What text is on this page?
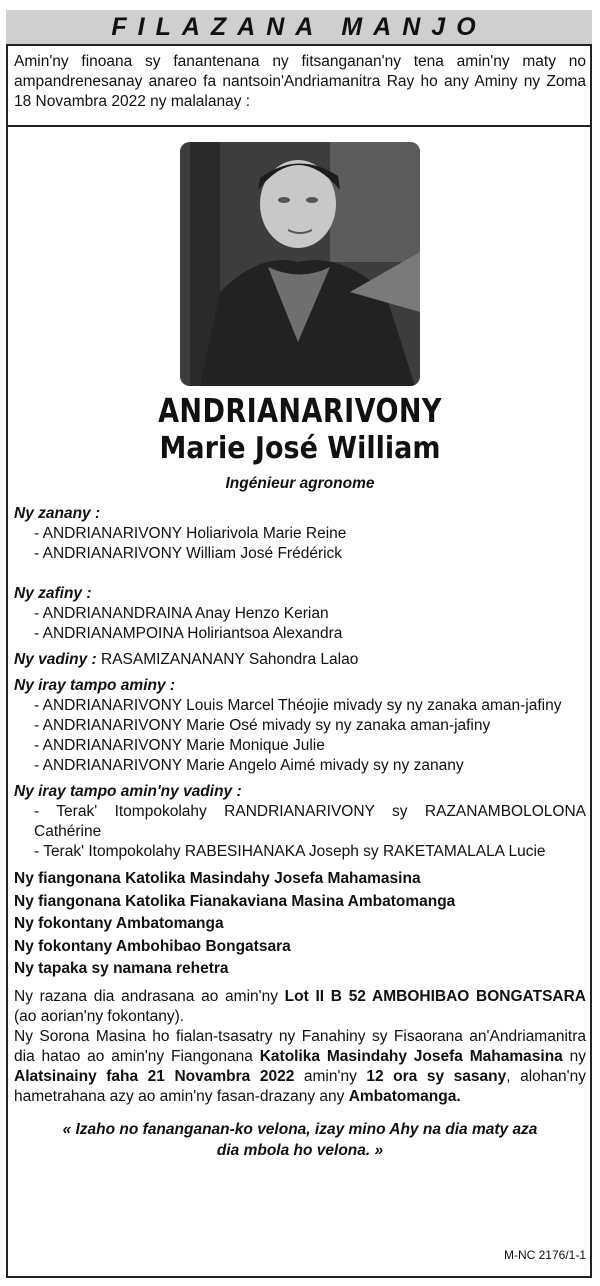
FILAZANA MANJO

Amin'ny finoana sy fanantenana ny fitsanganan'ny tena amin'ny maty no ampandrenesanay anareo fa nantsoin'Andriamanitra Ray ho any Aminy ny Zoma 18 Novambra 2022 ny malalanay :

ANDRIANARIVONY
Marie José William
Ingénieur agronome

Ny zanany :

- ANDRIANARIVONY Holiarivola Marie Reine

- ANDRIANARIVONY William José Frédérick

Ny zafiny :

- ANDRIANANDRAINA Anay Henzo Kerian

- ANDRIANAMPOINA Holiriantsoa Alexandra

Ny vadiny : RASAMIZANANANY Sahondra Lalao

Ny iray tampo aminy :

- ANDRIANARIVONY Louis Marcel Théojie mivady sy ny zanaka aman-jafiny

- ANDRIANARIVONY Marie Osé mivady sy ny zanaka aman-jafiny

- ANDRIANARIVONY Marie Monique Julie

- ANDRIANARIVONY Marie Angelo Aimé mivady sy ny zanany

Ny iray tampo amin'ny vadiny :

- Terak' Itompokolahy RANDRIANARIVONY sy RAZANAMBOLOLONA Cathérine

- Terak' Itompokolahy RABESIHANAKA Joseph sy RAKETAMALALA Lucie

Ny fiangonana Katolika Masindahy Josefa Mahamasina

Ny fiangonana Katolika Fianakaviana Masina Ambatomanga

Ny fokontany Ambatomanga

Ny fokontany Ambohibao Bongatsara

Ny tapaka sy namana rehetra

Ny razana dia andrasana ao amin'ny Lot II B 52 AMBOHIBAO BONGATSARA (ao aorian'ny fokontany).

Ny Sorona Masina ho fialan-tsasatry ny Fanahiny sy Fisaorana an'Andriamanitra dia hatao ao amin'ny Fiangonana Katolika Masindahy Josefa Mahamasina ny Alatsinainy faha 21 Novambra 2022 amin'ny 12 ora sy sasany, alohan'ny hametrahana azy ao amin'ny fasan-drazany any Ambatomanga.

« Izaho no fananganan-ko velona, izay mino Ahy na dia maty aza
dia mbola ho velona. »
M-NC 2176/1-1
